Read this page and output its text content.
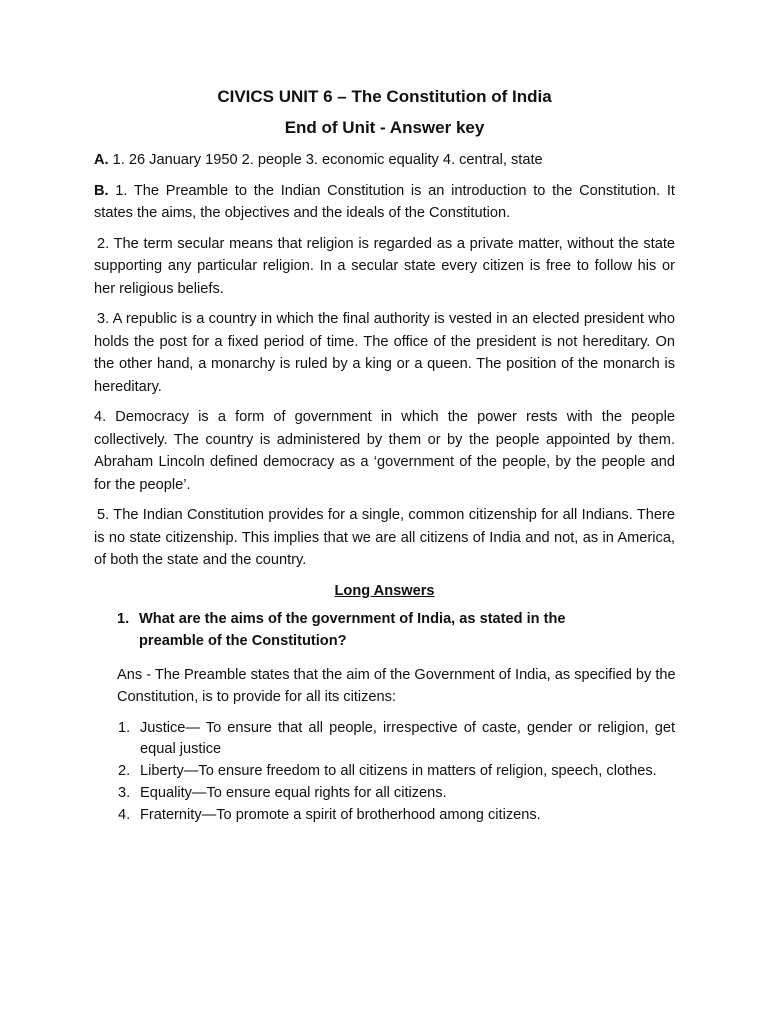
CIVICS UNIT 6 – The Constitution of India
End of Unit - Answer key

A. 1. 26 January 1950 2. people 3. economic equality 4. central, state

B. 1. The Preamble to the Indian Constitution is an introduction to the Constitution. It states the aims, the objectives and the ideals of the Constitution.

2. The term secular means that religion is regarded as a private matter, without the state supporting any particular religion. In a secular state every citizen is free to follow his or her religious beliefs.

3. A republic is a country in which the final authority is vested in an elected president who holds the post for a fixed period of time. The office of the president is not hereditary. On the other hand, a monarchy is ruled by a king or a queen. The position of the monarch is hereditary.

4. Democracy is a form of government in which the power rests with the people collectively. The country is administered by them or by the people appointed by them. Abraham Lincoln defined democracy as a ‘government of the people, by the people and for the people’.

5. The Indian Constitution provides for a single, common citizenship for all Indians. There is no state citizenship. This implies that we are all citizens of India and not, as in America, of both the state and the country.

Long Answers
1. What are the aims of the government of India, as stated in the preamble of the Constitution?

Ans - The Preamble states that the aim of the Government of India, as specified by the Constitution, is to provide for all its citizens:

1. Justice— To ensure that all people, irrespective of caste, gender or religion, get equal justice
2. Liberty—To ensure freedom to all citizens in matters of religion, speech, clothes.
3. Equality—To ensure equal rights for all citizens.
4. Fraternity—To promote a spirit of brotherhood among citizens.
